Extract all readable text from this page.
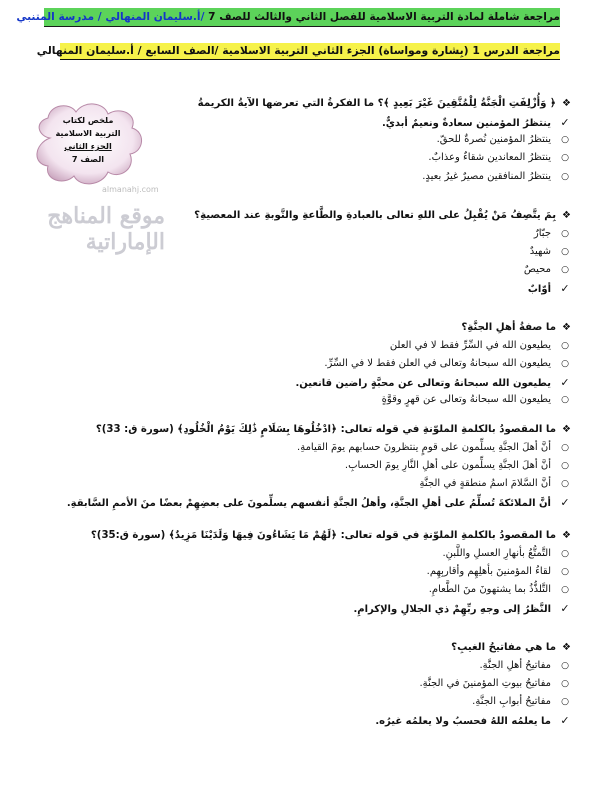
مراجعة شاملة لمادة التربية الاسلامية للفصل الثاني والثالث للصف 7 /أ.سليمان المنهالي / مدرسة المتنبي
مراجعة الدرس 1 (بِشارة ومواساة) الجزء الثاني التربية الاسلامية /الصف السابع / أ.سليمان المنهالي
ملخص لكتاب
التربية الاسلامية
الجزء الثاني
الصف 7
almanahj.com
موقع المناهج الإماراتية
❖﴿ وَأُزْلِفَتِ الْجَنَّةُ لِلْمُتَّقِينَ غَيْرَ بَعِيدٍ ﴾؟ ما الفكرةُ التي تعرضها الآيةُ الكريمةُ
✓ينتظرُ المؤمنين سعادةٌ ونعيمٌ أبديٌّ.
○ينتظرُ المؤمنين نُصرةٌ للحقّ.
○ينتظرُ المعاندين شقاءٌ وعذابٌ.
○ينتظرُ المنافقين مصيرٌ غيرُ بعيدٍ.
❖بِمَ يتَّصِفُ مَنْ يُقْبِلُ على اللهِ تعالى بالعبادةِ والطَّاعةِ والتَّوبةِ عند المعصيةِ؟
○جبّارٌ
○شهيدٌ
○محيصٌ
✓أوّابٌ
❖ما صفةُ أهلِ الجنَّةِ؟
○يطيعون الله في السِّرِّ فقط لا في العلن
○يطيعون الله سبحانهُ وتعالى في العلن فقط لا في السِّرِّ.
✓يطيعون الله سبحانهُ وتعالى عن محبَّةٍ راضين قانعين.
○يطيعون الله سبحانهُ وتعالى عن قهرٍ وقوَّةٍ
❖ما المقصودُ بالكلمةِ الملوّنةِ في قوله تعالى: ﴿ادْخُلُوهَا بِسَلَامٍ ذَٰلِكَ يَوْمُ الْخُلُودِ﴾ (سورة ق: 33)؟
○أنَّ أهلَ الجنَّةِ يسلِّمون على قومٍ ينتظرونَ حسابهم يومَ القيامةِ.
○أنَّ أهلَ الجنَّةِ يسلِّمون على أهلِ النَّارِ يومَ الحسابِ.
○أنَّ السَّلامَ اسمُ منطقةٍ في الجنَّةِ
✓أنَّ الملائكةَ تُسلِّمُ على أهلِ الجنَّةِ، وأهلُ الجنَّةِ أنفسهم يسلِّمونَ على بعضِهِمْ بعضًا منَ الأممِ السَّابقةِ.
❖ما المقصودُ بالكلمةِ الملوّنةِ في قوله تعالى: ﴿لَهُمْ مَا يَشَاءُونَ فِيهَا وَلَدَيْنَا مَزِيدٌ﴾ (سورة ق:35)؟
○التَّمتُّعُ بأنهارِ العسلِ واللَّبنِ.
○لقاءُ المؤمنينَ بأهلِهِم وأقاربِهِم.
○التَّلذُّذُ بما يشتهونَ منَ الطَّعامِ.
✓النَّظرُ إلى وجهِ ربِّهِمْ ذي الجلالِ والإكرامِ.
❖ما هي مفاتيحُ الغيبِ؟
○مفاتيحُ أهلِ الجنَّةِ.
○مفاتيحُ بيوتِ المؤمنينَ في الجنَّةِ.
○مفاتيحُ أبوابِ الجنَّةِ.
✓ما يعلمُه اللهُ فحسبُ ولا يعلمُه غيرُه.
